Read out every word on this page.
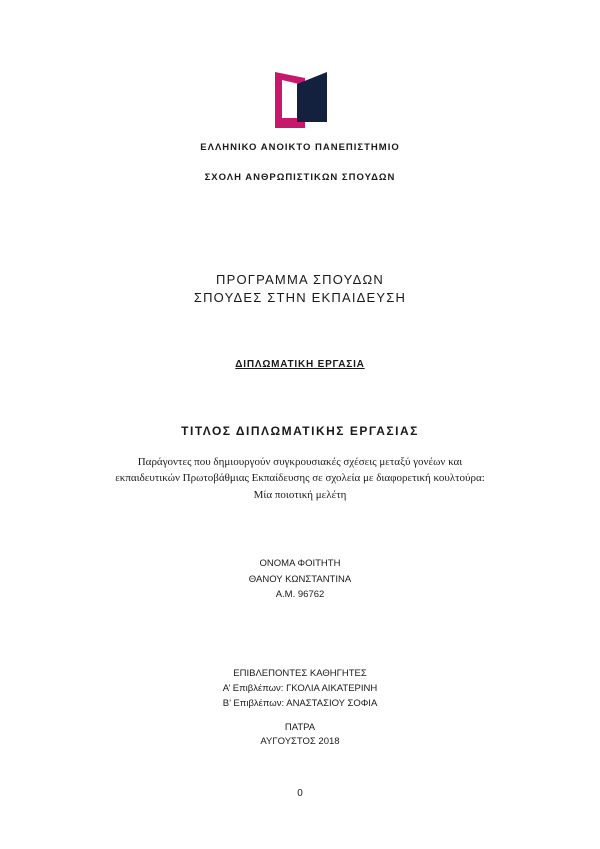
ΕΛΛΗΝΙΚΟ ΑΝΟΙΚΤΟ ΠΑΝΕΠΙΣΤΗΜΙΟ
ΣΧΟΛΗ ΑΝΘΡΩΠΙΣΤΙΚΩΝ ΣΠΟΥΔΩΝ
ΠΡΟΓΡΑΜΜΑ ΣΠΟΥΔΩΝ
ΣΠΟΥΔΕΣ ΣΤΗΝ ΕΚΠΑΙΔΕΥΣΗ
ΔΙΠΛΩΜΑΤΙΚΗ ΕΡΓΑΣΙΑ
ΤΙΤΛΟΣ ΔΙΠΛΩΜΑΤΙΚΗΣ ΕΡΓΑΣΙΑΣ
Παράγοντες που δημιουργούν συγκρουσιακές σχέσεις μεταξύ γονέων και
εκπαιδευτικών Πρωτοβάθμιας Εκπαίδευσης σε σχολεία με διαφορετική κουλτούρα:
Μία ποιοτική μελέτη
ΟΝΟΜΑ ΦΟΙΤΗΤΗ
ΘΑΝΟΥ ΚΩΝΣΤΑΝΤΙΝΑ
Α.Μ. 96762
ΕΠΙΒΛΕΠΟΝΤΕΣ ΚΑΘΗΓΗΤΕΣ
Α’ Επιβλέπων: ΓΚΟΛΙΑ ΑΙΚΑΤΕΡΙΝΗ
Β’ Επιβλέπων: ΑΝΑΣΤΑΣΙΟΥ ΣΟΦΙΑ
ΠΑΤΡΑ
ΑΥΓΟΥΣΤΟΣ 2018
0
